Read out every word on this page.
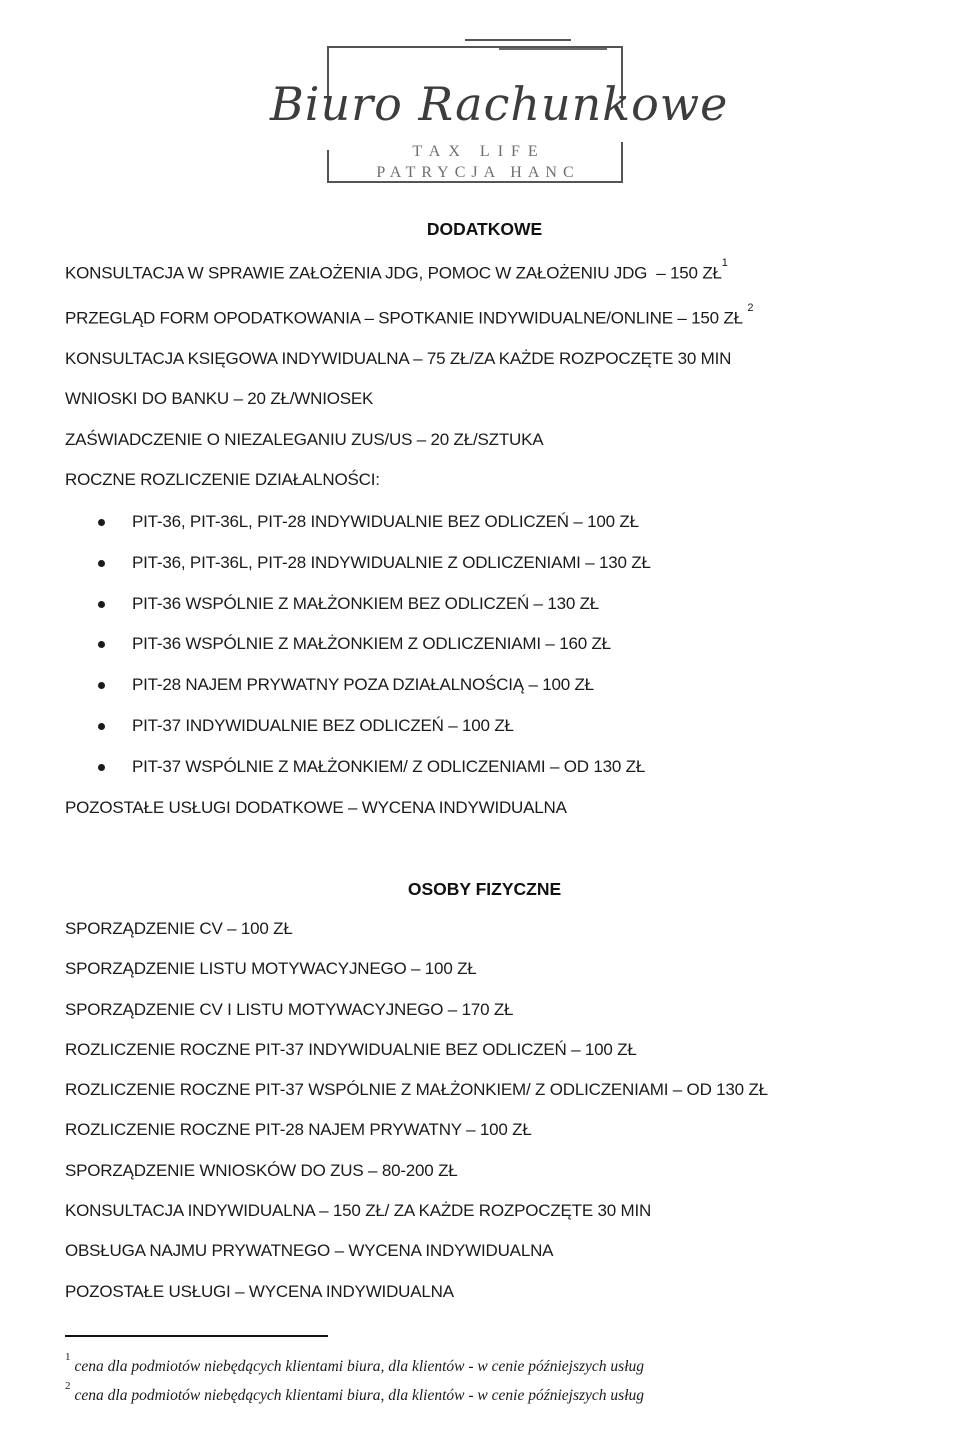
Biuro Rachunkowe
TAX LIFE
PATRYCJA HANC
DODATKOWE

KONSULTACJA W SPRAWIE ZAŁOŻENIA JDG, POMOC W ZAŁOŻENIU JDG  – 150 ZŁ$^1$

PRZEGLĄD FORM OPODATKOWANIA – SPOTKANIE INDYWIDUALNE/ONLINE – 150 ZŁ $^2$

KONSULTACJA KSIĘGOWA INDYWIDUALNA – 75 ZŁ/ZA KAŻDE ROZPOCZĘTE 30 MIN

WNIOSKI DO BANKU – 20 ZŁ/WNIOSEK

ZAŚWIADCZENIE O NIEZALEGANIU ZUS/US – 20 ZŁ/SZTUKA

ROCZNE ROZLICZENIE DZIAŁALNOŚCI:

PIT-36, PIT-36L, PIT-28 INDYWIDUALNIE BEZ ODLICZEŃ – 100 ZŁ
PIT-36, PIT-36L, PIT-28 INDYWIDUALNIE Z ODLICZENIAMI – 130 ZŁ
PIT-36 WSPÓLNIE Z MAŁŻONKIEM BEZ ODLICZEŃ – 130 ZŁ
PIT-36 WSPÓLNIE Z MAŁŻONKIEM Z ODLICZENIAMI – 160 ZŁ
PIT-28 NAJEM PRYWATNY POZA DZIAŁALNOŚCIĄ – 100 ZŁ
PIT-37 INDYWIDUALNIE BEZ ODLICZEŃ – 100 ZŁ
PIT-37 WSPÓLNIE Z MAŁŻONKIEM/ Z ODLICZENIAMI – OD 130 ZŁ

POZOSTAŁE USŁUGI DODATKOWE – WYCENA INDYWIDUALNA

OSOBY FIZYCZNE

SPORZĄDZENIE CV – 100 ZŁ

SPORZĄDZENIE LISTU MOTYWACYJNEGO – 100 ZŁ

SPORZĄDZENIE CV I LISTU MOTYWACYJNEGO – 170 ZŁ

ROZLICZENIE ROCZNE PIT-37 INDYWIDUALNIE BEZ ODLICZEŃ – 100 ZŁ

ROZLICZENIE ROCZNE PIT-37 WSPÓLNIE Z MAŁŻONKIEM/ Z ODLICZENIAMI – OD 130 ZŁ

ROZLICZENIE ROCZNE PIT-28 NAJEM PRYWATNY – 100 ZŁ

SPORZĄDZENIE WNIOSKÓW DO ZUS – 80-200 ZŁ

KONSULTACJA INDYWIDUALNA – 150 ZŁ/ ZA KAŻDE ROZPOCZĘTE 30 MIN

OBSŁUGA NAJMU PRYWATNEGO – WYCENA INDYWIDUALNA

POZOSTAŁE USŁUGI – WYCENA INDYWIDUALNA

$^1$cena dla podmiotów niebędących klientami biura, dla klientów - w cenie późniejszych usług

$^2$cena dla podmiotów niebędących klientami biura, dla klientów - w cenie późniejszych usług
